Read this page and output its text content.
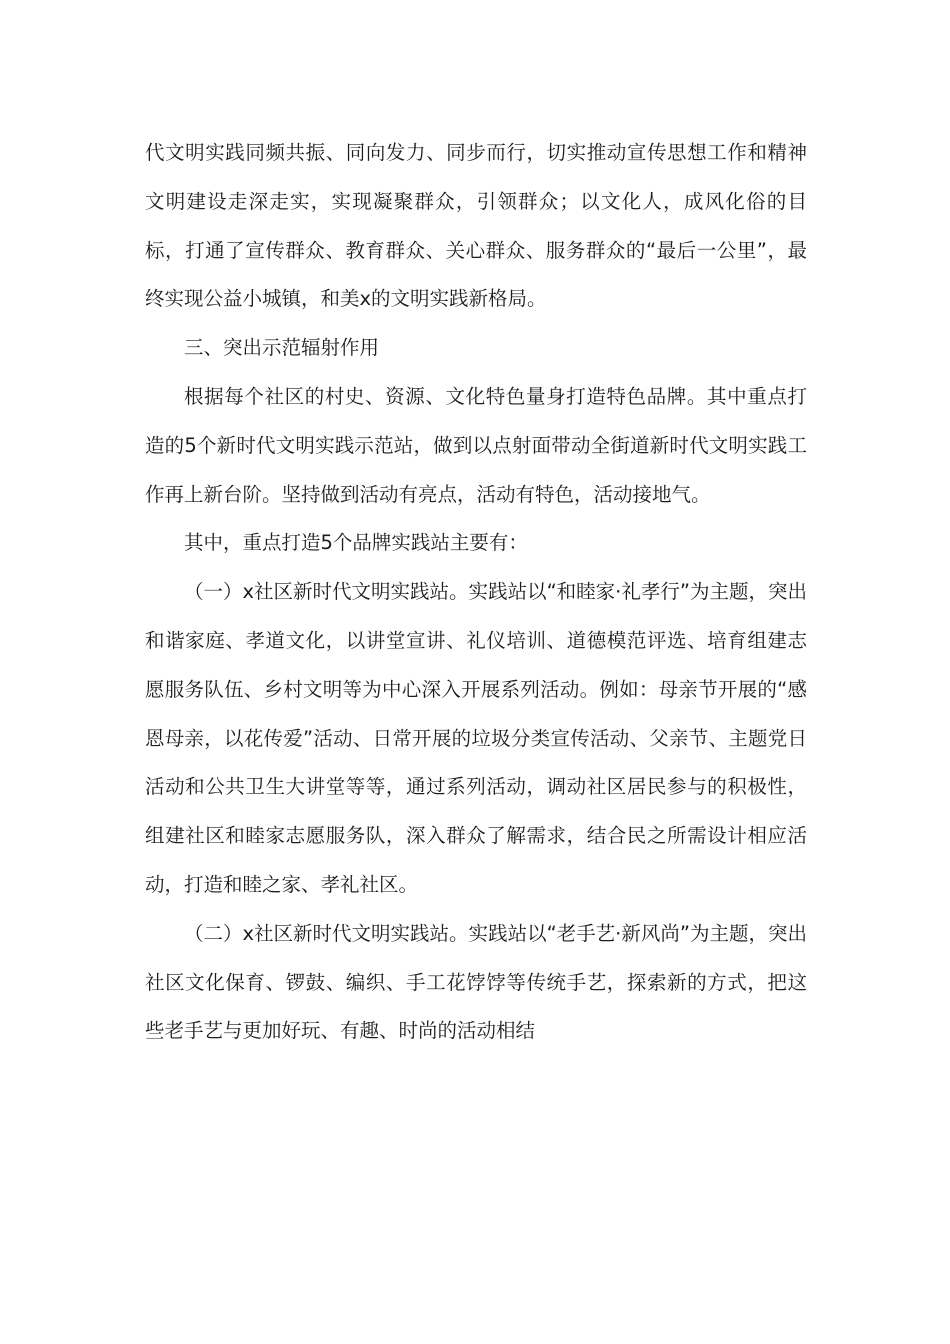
代文明实践同频共振、同向发力、同步而行，切实推动宣传思想工作和精神文明建设走深走实，实现凝聚群众，引领群众；以文化人，成风化俗的目标，打通了宣传群众、教育群众、关心群众、服务群众的“最后一公里”，最终实现公益小城镇，和美x的文明实践新格局。

三、突出示范辐射作用

根据每个社区的村史、资源、文化特色量身打造特色品牌。其中重点打造的5个新时代文明实践示范站，做到以点射面带动全街道新时代文明实践工作再上新台阶。坚持做到活动有亮点，活动有特色，活动接地气。

其中，重点打造5个品牌实践站主要有：

（一）x社区新时代文明实践站。实践站以“和睦家·礼孝行”为主题，突出和谐家庭、孝道文化，以讲堂宣讲、礼仪培训、道德模范评选、培育组建志愿服务队伍、乡村文明等为中心深入开展系列活动。例如：母亲节开展的“感恩母亲，以花传爱”活动、日常开展的垃圾分类宣传活动、父亲节、主题党日活动和公共卫生大讲堂等等，通过系列活动，调动社区居民参与的积极性，组建社区和睦家志愿服务队，深入群众了解需求，结合民之所需设计相应活动，打造和睦之家、孝礼社区。

（二）x社区新时代文明实践站。实践站以“老手艺·新风尚”为主题，突出社区文化保育、锣鼓、编织、手工花饽饽等传统手艺，探索新的方式，把这些老手艺与更加好玩、有趣、时尚的活动相结
